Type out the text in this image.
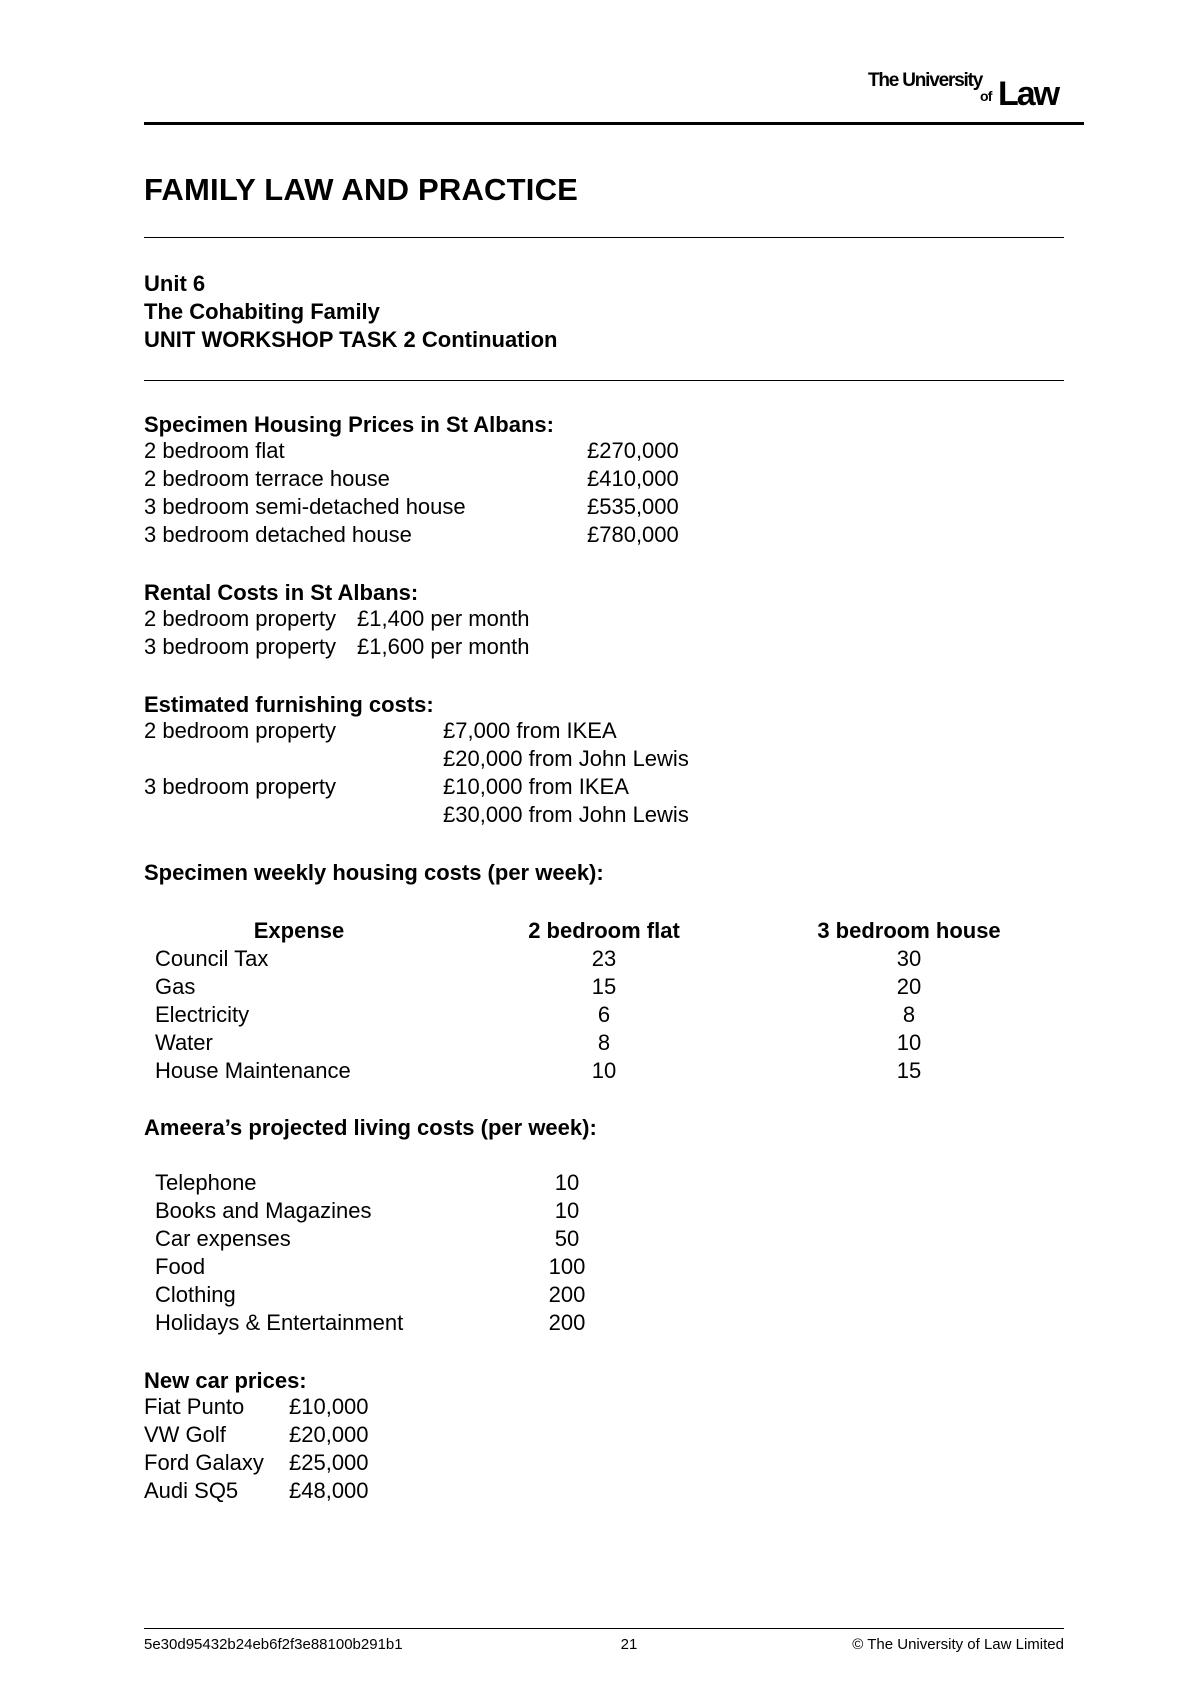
The University
of Law
FAMILY LAW AND PRACTICE
Unit 6
The Cohabiting Family
UNIT WORKSHOP TASK 2 Continuation
Specimen Housing Prices in St Albans:
2 bedroom flat	£270,000
2 bedroom terrace house	£410,000
3 bedroom semi-detached house	£535,000
3 bedroom detached house	£780,000
Rental Costs in St Albans:
2 bedroom property £1,400 per month
3 bedroom property £1,600 per month
Estimated furnishing costs:
2 bedroom property	£7,000 from IKEA
£20,000 from John Lewis
3 bedroom property	£10,000 from IKEA
£30,000 from John Lewis
Specimen weekly housing costs (per week):
Expense	2 bedroom flat	3 bedroom house
Council Tax	23	30
Gas	15	20
Electricity	6	8
Water	8	10
House Maintenance	10	15
Ameera’s projected living costs (per week):
Telephone	10
Books and Magazines	10
Car expenses	50
Food	100
Clothing	200
Holidays & Entertainment	200
New car prices:
Fiat Punto £10,000
VW Golf	£20,000
Ford Galaxy £25,000
Audi SQ5 £48,000
5e30d95432b24eb6f2f3e88100b291b1	21	© The University of Law Limited
